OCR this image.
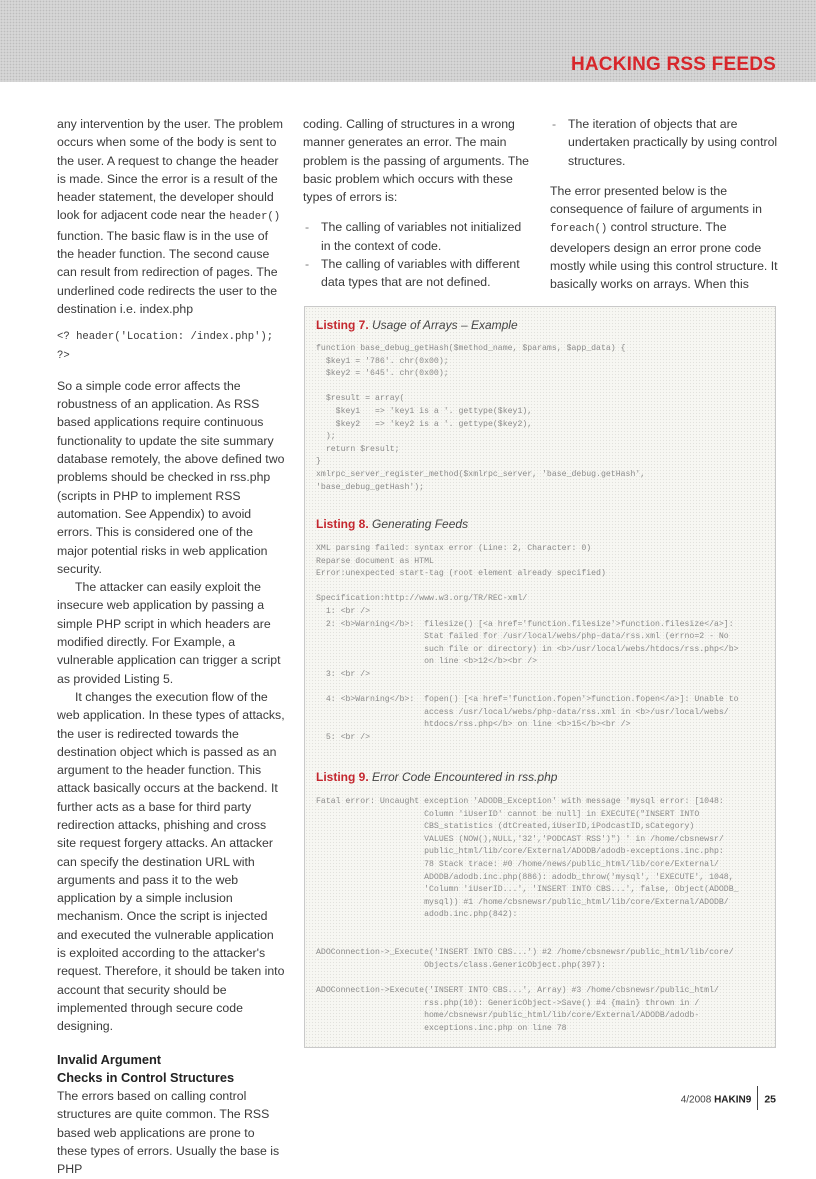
HACKING RSS FEEDS

any intervention by the user. The problem occurs when some of the body is sent to the user. A request to change the header is made. Since the error is a result of the header statement, the developer should look for adjacent code near the header() function. The basic flaw is in the use of the header function. The second cause can result from redirection of pages. The underlined code redirects the user to the destination i.e. index.php

<? header('Location: /index.php'); ?>

So a simple code error affects the robustness of an application. As RSS based applications require continuous functionality to update the site summary database remotely, the above defined two problems should be checked in rss.php (scripts in PHP to implement RSS automation. See Appendix) to avoid errors. This is considered one of the major potential risks in web application security.

The attacker can easily exploit the insecure web application by passing a simple PHP script in which headers are modified directly. For Example, a vulnerable application can trigger a script as provided Listing 5.

It changes the execution flow of the web application. In these types of attacks, the user is redirected towards the destination object which is passed as an argument to the header function. This attack basically occurs at the backend. It further acts as a base for third party redirection attacks, phishing and cross site request forgery attacks. An attacker can specify the destination URL with arguments and pass it to the web application by a simple inclusion mechanism. Once the script is injected and executed the vulnerable application is exploited according to the attacker's request. Therefore, it should be taken into account that security should be implemented through secure code designing.

Invalid Argument
Checks in Control Structures

The errors based on calling control structures are quite common. The RSS based web applications are prone to these types of errors. Usually the base is PHP

coding. Calling of structures in a wrong manner generates an error. The main problem is the passing of arguments. The basic problem which occurs with these types of errors is:

- The calling of variables not initialized in the context of code.
- The calling of variables with different data types that are not defined.
- The iteration of objects that are undertaken practically by using control structures.

The error presented below is the consequence of failure of arguments in foreach() control structure. The developers design an error prone code mostly while using this control structure. It basically works on arrays. When this

Listing 7. Usage of Arrays – Example
function base_debug_getHash($method_name, $params, $app_data) {
$key1 = '786'. chr(0x00);
$key2 = '645'. chr(0x00);

$result = array(
$key1   => 'key1 is a '. gettype($key1),
$key2   => 'key2 is a '. gettype($key2),
);
return $result;
}
xmlrpc_server_register_method($xmlrpc_server, 'base_debug.getHash',
'base_debug_getHash');
Listing 8. Generating Feeds
XML parsing failed: syntax error (Line: 2, Character: 0)
Reparse document as HTML
Error:unexpected start-tag (root element already specified)

Specification:http://www.w3.org/TR/REC-xml/
1: <br />
2: <b>Warning</b>:  filesize() [<a href='function.filesize'>function.filesize</a>]:
Stat failed for /usr/local/webs/php-data/rss.xml (errno=2 - No
such file or directory) in <b>/usr/local/webs/htdocs/rss.php</b>
on line <b>12</b><br />
3: <br />

4: <b>Warning</b>:  fopen() [<a href='function.fopen'>function.fopen</a>]: Unable to
access /usr/local/webs/php-data/rss.xml in <b>/usr/local/webs/
htdocs/rss.php</b> on line <b>15</b><br />
5: <br />
Listing 9. Error Code Encountered in rss.php
Fatal error: Uncaught exception 'ADODB_Exception' with message 'mysql error: [1048:
Column 'iUserID' cannot be null] in EXECUTE("INSERT INTO
CBS_statistics (dtCreated,iUserID,iPodcastID,sCategory)
VALUES (NOW(),NULL,'32','PODCAST RSS')") ' in /home/cbsnewsr/
public_html/lib/core/External/ADODB/adodb-exceptions.inc.php:
78 Stack trace: #0 /home/news/public_html/lib/core/External/
ADODB/adodb.inc.php(886): adodb_throw('mysql', 'EXECUTE', 1048,
'Column 'iUserID...', 'INSERT INTO CBS...', false, Object(ADODB_
mysql)) #1 /home/cbsnewsr/public_html/lib/core/External/ADODB/
adodb.inc.php(842):

ADOConnection->_Execute('INSERT INTO CBS...') #2 /home/cbsnewsr/public_html/lib/core/
Objects/class.GenericObject.php(397):

ADOConnection->Execute('INSERT INTO CBS...', Array) #3 /home/cbsnewsr/public_html/
rss.php(10): GenericObject->Save() #4 {main} thrown in /
home/cbsnewsr/public_html/lib/core/External/ADODB/adodb-
exceptions.inc.php on line 78
4/2008 HAKIN9 25
